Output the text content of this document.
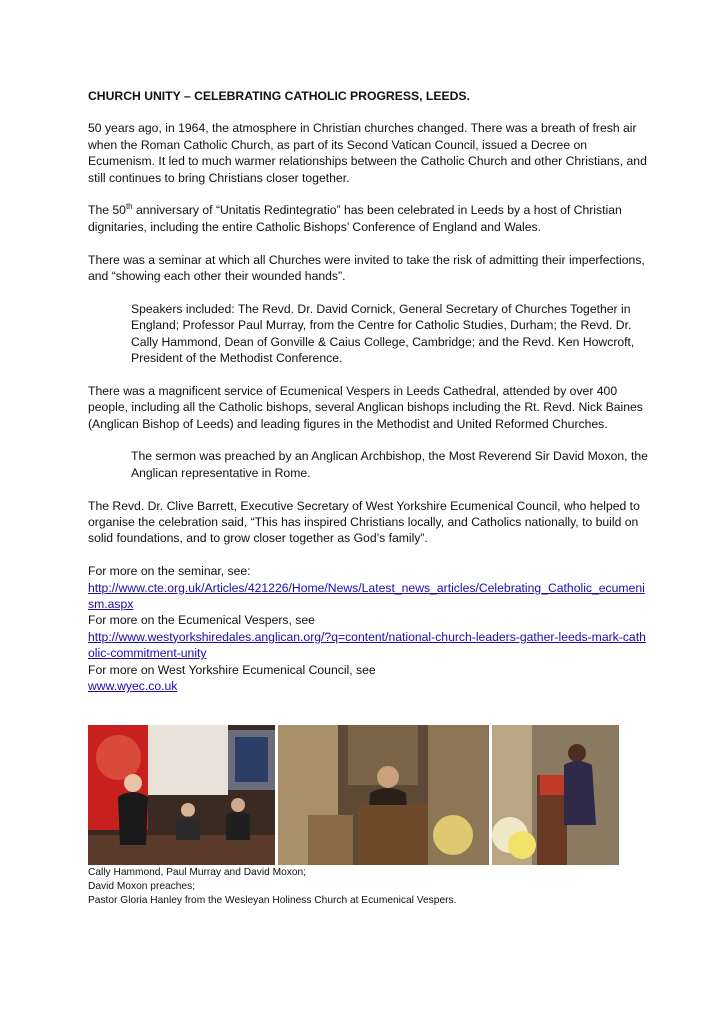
CHURCH UNITY – CELEBRATING CATHOLIC PROGRESS, LEEDS.

50 years ago, in 1964, the atmosphere in Christian churches changed. There was a breath of fresh air when the Roman Catholic Church, as part of its Second Vatican Council, issued a Decree on Ecumenism. It led to much warmer relationships between the Catholic Church and other Christians, and still continues to bring Christians closer together.

The 50th anniversary of “Unitatis Redintegratio” has been celebrated in Leeds by a host of Christian dignitaries, including the entire Catholic Bishops’ Conference of England and Wales.

There was a seminar at which all Churches were invited to take the risk of admitting their imperfections, and “showing each other their wounded hands”.

Speakers included: The Revd. Dr. David Cornick, General Secretary of Churches Together in England; Professor Paul Murray, from the Centre for Catholic Studies, Durham; the Revd. Dr. Cally Hammond, Dean of Gonville & Caius College, Cambridge; and the Revd. Ken Howcroft, President of the Methodist Conference.

There was a magnificent service of Ecumenical Vespers in Leeds Cathedral, attended by over 400 people, including all the Catholic bishops, several Anglican bishops including the Rt. Revd. Nick Baines (Anglican Bishop of Leeds) and leading figures in the Methodist and United Reformed Churches.

The sermon was preached by an Anglican Archbishop, the Most Reverend Sir David Moxon, the Anglican representative in Rome.

The Revd. Dr. Clive Barrett, Executive Secretary of West Yorkshire Ecumenical Council, who helped to organise the celebration said, “This has inspired Christians locally, and Catholics nationally, to build on solid foundations, and to grow closer together as God’s family”.

For more on the seminar, see:

http://www.cte.org.uk/Articles/421226/Home/News/Latest_news_articles/Celebrating_Catholic_ecumenism.aspx

For more on the Ecumenical Vespers, see

http://www.westyorkshiredales.anglican.org/?q=content/national-church-leaders-gather-leeds-mark-catholic-commitment-unity

For more on West Yorkshire Ecumenical Council, see

www.wyec.co.uk

Cally Hammond, Paul Murray and David Moxon;
David Moxon preaches;
Pastor Gloria Hanley from the Wesleyan Holiness Church at Ecumenical Vespers.
